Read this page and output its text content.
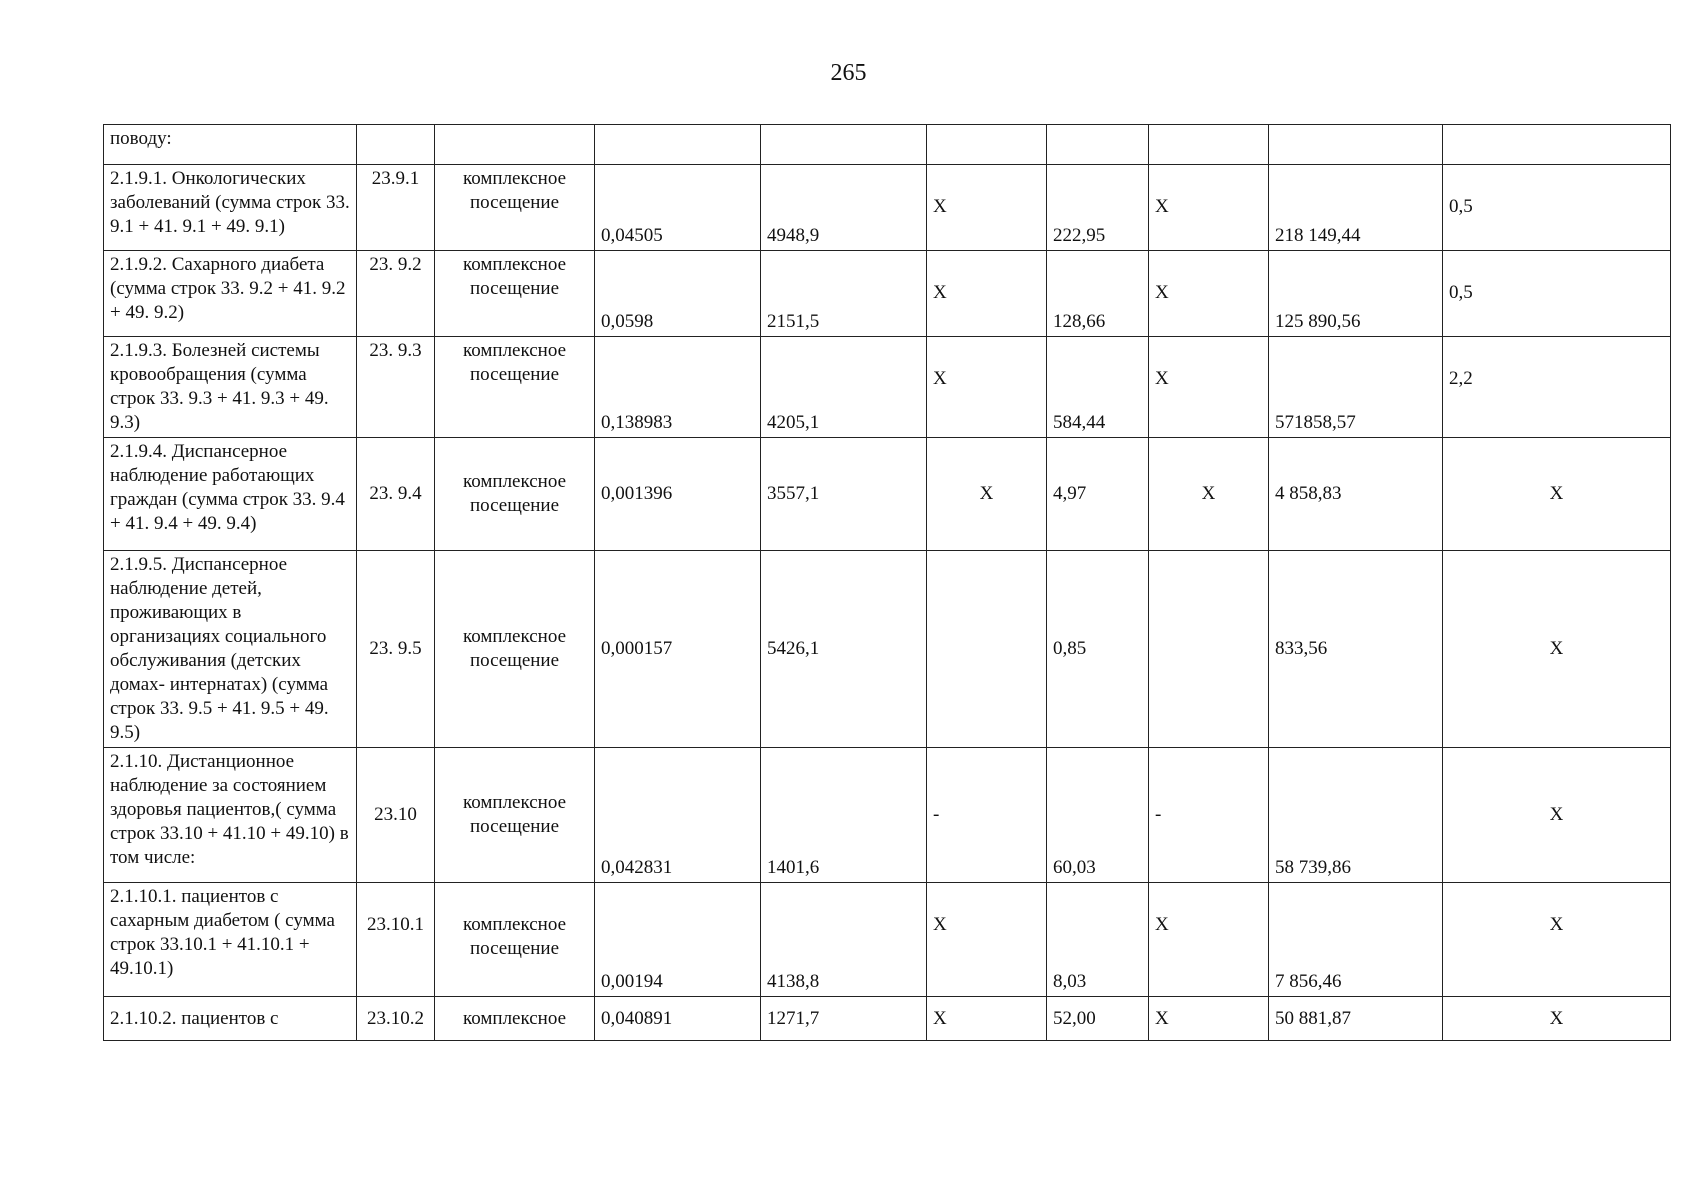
265
поводу:									
2.1.9.1. Онкологических заболеваний (сумма строк 33. 9.1 + 41. 9.1 + 49. 9.1)	23.9.1	комплексное посещение	0,04505	4948,9	X	222,95	X	218 149,44	0,5
2.1.9.2. Сахарного диабета (сумма строк 33. 9.2 + 41. 9.2 + 49. 9.2)	23. 9.2	комплексное посещение	0,0598	2151,5	X	128,66	X	125 890,56	0,5
2.1.9.3. Болезней системы кровообращения (сумма строк 33. 9.3 + 41. 9.3 + 49. 9.3)	23. 9.3	комплексное посещение	0,138983	4205,1	X	584,44	X	571858,57	2,2
2.1.9.4. Диспансерное наблюдение работающих граждан (сумма строк 33. 9.4 + 41. 9.4 + 49. 9.4)	23. 9.4	комплексное посещение	0,001396	3557,1	X	4,97	X	4 858,83	X
2.1.9.5. Диспансерное наблюдение детей, проживающих в организациях социального обслуживания (детских домах- интернатах) (сумма строк 33. 9.5 + 41. 9.5 + 49. 9.5)	23. 9.5	комплексное посещение	0,000157	5426,1		0,85		833,56	X
2.1.10. Дистанционное наблюдение за состоянием здоровья пациентов,( сумма строк 33.10 + 41.10 + 49.10) в том числе:	23.10	комплексное посещение	0,042831	1401,6	-	60,03	-	58 739,86	X
2.1.10.1. пациентов с сахарным диабетом ( сумма строк 33.10.1 + 41.10.1 + 49.10.1)	23.10.1	комплексное посещение	0,00194	4138,8	X	8,03	X	7 856,46	X
2.1.10.2. пациентов с	23.10.2	комплексное	0,040891	1271,7	X	52,00	X	50 881,87	X
